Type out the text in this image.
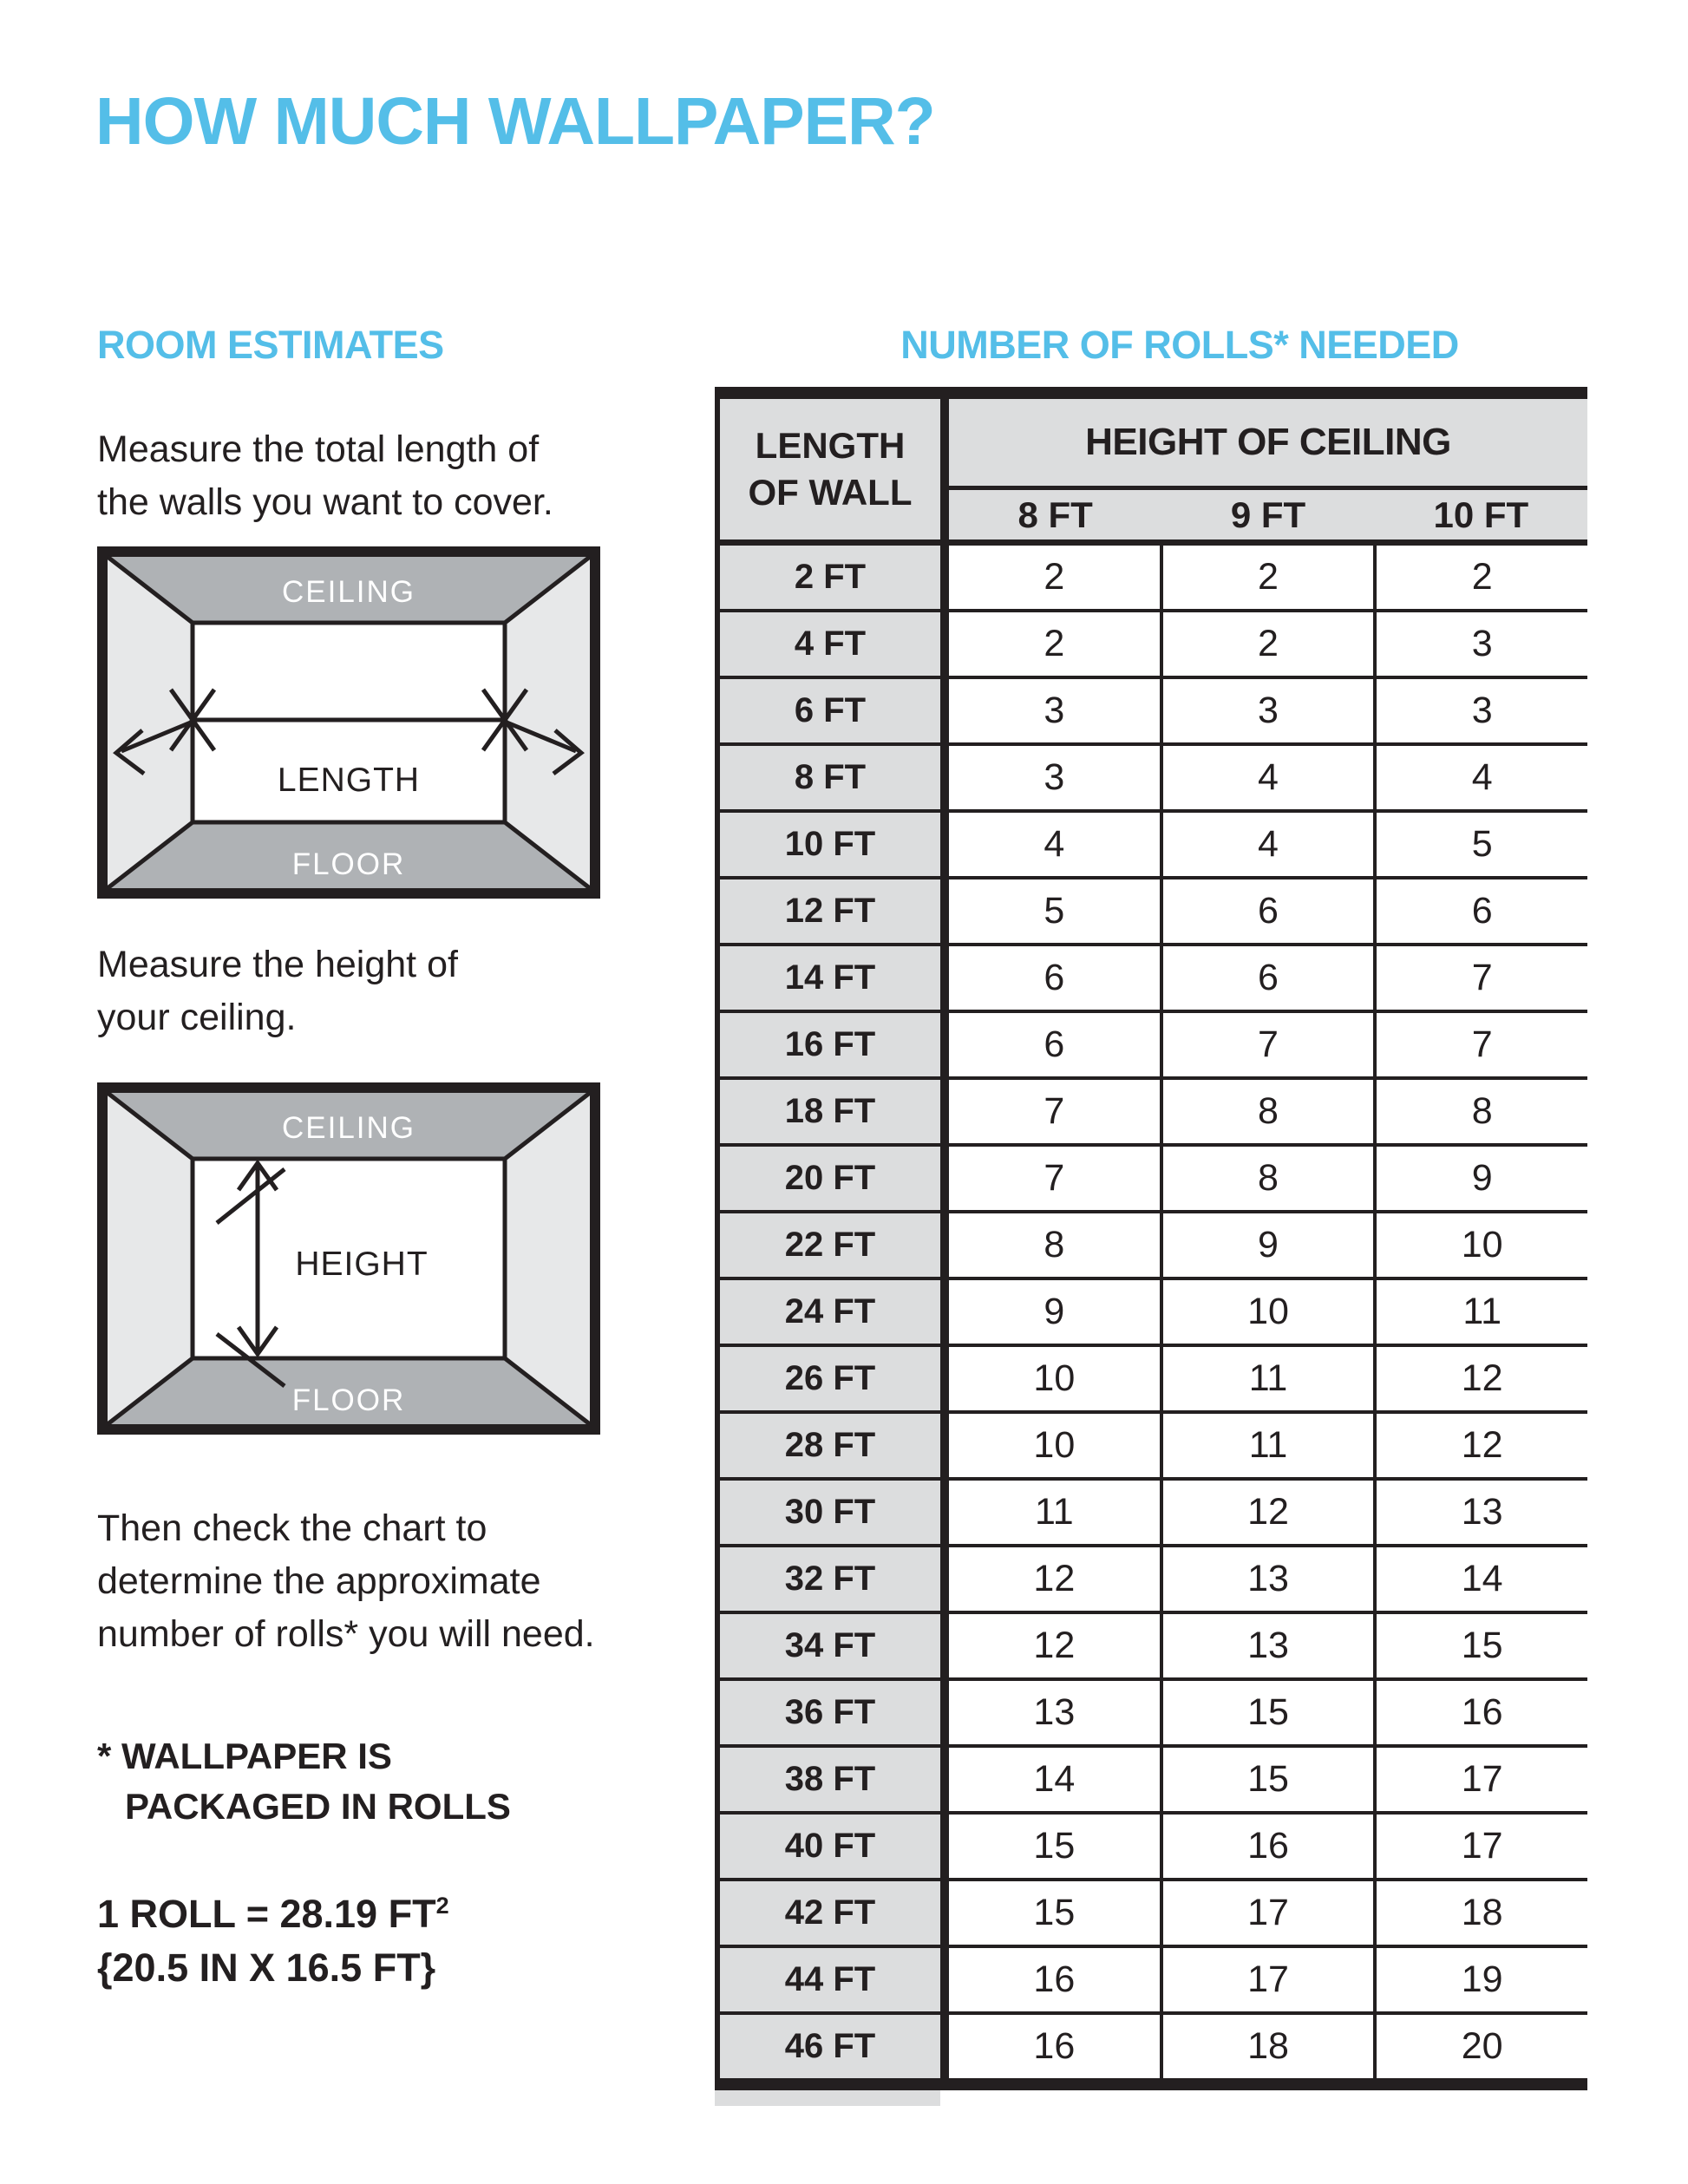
HOW MUCH WALLPAPER?
ROOM ESTIMATES
Measure the total length of
the walls you want to cover.
CEILING
FLOOR
LENGTH
Measure the height of
your ceiling.
CEILING
FLOOR
HEIGHT
Then check the chart to
determine the approximate
number of rolls* you will need.
* WALLPAPER IS
PACKAGED IN ROLLS
1 ROLL = 28.19 $FT^2$
{20.5 IN X 16.5 FT}
NUMBER OF ROLLS* NEEDED
LENGTH
OF WALL
HEIGHT OF CEILING
8 FT	9 FT	10 FT
2 FT	2	2	2
4 FT	2	2	3
6 FT	3	3	3
8 FT	3	4	4
10 FT	4	4	5
12 FT	5	6	6
14 FT	6	6	7
16 FT	6	7	7
18 FT	7	8	8
20 FT	7	8	9
22 FT	8	9	10
24 FT	9	10	11
26 FT	10	11	12
28 FT	10	11	12
30 FT	11	12	13
32 FT	12	13	14
34 FT	12	13	15
36 FT	13	15	16
38 FT	14	15	17
40 FT	15	16	17
42 FT	15	17	18
44 FT	16	17	19
46 FT	16	18	20
